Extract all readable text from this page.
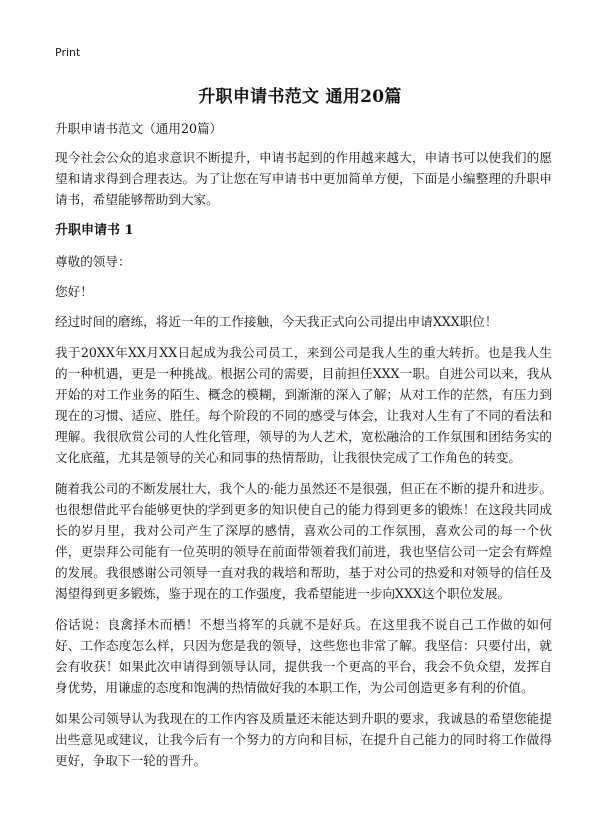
Print
升职申请书范文 通用20篇

升职申请书范文（通用20篇）

现今社会公众的追求意识不断提升，申请书起到的作用越来越大，申请书可以使我们的愿望和请求得到合理表达。为了让您在写申请书中更加简单方便，下面是小编整理的升职申请书，希望能够帮助到大家。

升职申请书 1

尊敬的领导：

您好！

经过时间的磨练，将近一年的工作接触，今天我正式向公司提出申请XXX职位！

我于20XX年XX月XX日起成为我公司员工，来到公司是我人生的重大转折。也是我人生的一种机遇，更是一种挑战。根据公司的需要，目前担任XXX一职。自进公司以来，我从开始的对工作业务的陌生、概念的模糊，到渐渐的深入了解；从对工作的茫然，有压力到现在的习惯、适应、胜任。每个阶段的不同的感受与体会，让我对人生有了不同的看法和理解。我很欣赏公司的人性化管理，领导的为人艺术，宽松融洽的工作氛围和团结务实的文化底蕴，尤其是领导的关心和同事的热情帮助，让我很快完成了工作角色的转变。

随着我公司的不断发展壮大，我个人的·能力虽然还不是很强，但正在不断的提升和进步。也很想借此平台能够更快的学到更多的知识使自己的能力得到更多的锻炼！在这段共同成长的岁月里，我对公司产生了深厚的感情，喜欢公司的工作氛围，喜欢公司的每一个伙伴，更崇拜公司能有一位英明的领导在前面带领着我们前进，我也坚信公司一定会有辉煌的发展。我很感谢公司领导一直对我的栽培和帮助，基于对公司的热爱和对领导的信任及渴望得到更多锻炼，鉴于现在的工作强度，我希望能进一步向XXX这个职位发展。

俗话说：良禽择木而栖！不想当将军的兵就不是好兵。在这里我不说自己工作做的如何好、工作态度怎么样，只因为您是我的领导，这些您也非常了解。我坚信：只要付出，就会有收获！如果此次申请得到领导认同，提供我一个更高的平台，我会不负众望，发挥自身优势，用谦虚的态度和饱满的热情做好我的本职工作，为公司创造更多有利的价值。

如果公司领导认为我现在的工作内容及质量还未能达到升职的要求，我诚恳的希望您能提出些意见或建议，让我今后有一个努力的方向和目标，在提升自己能力的同时将工作做得更好，争取下一轮的晋升。
